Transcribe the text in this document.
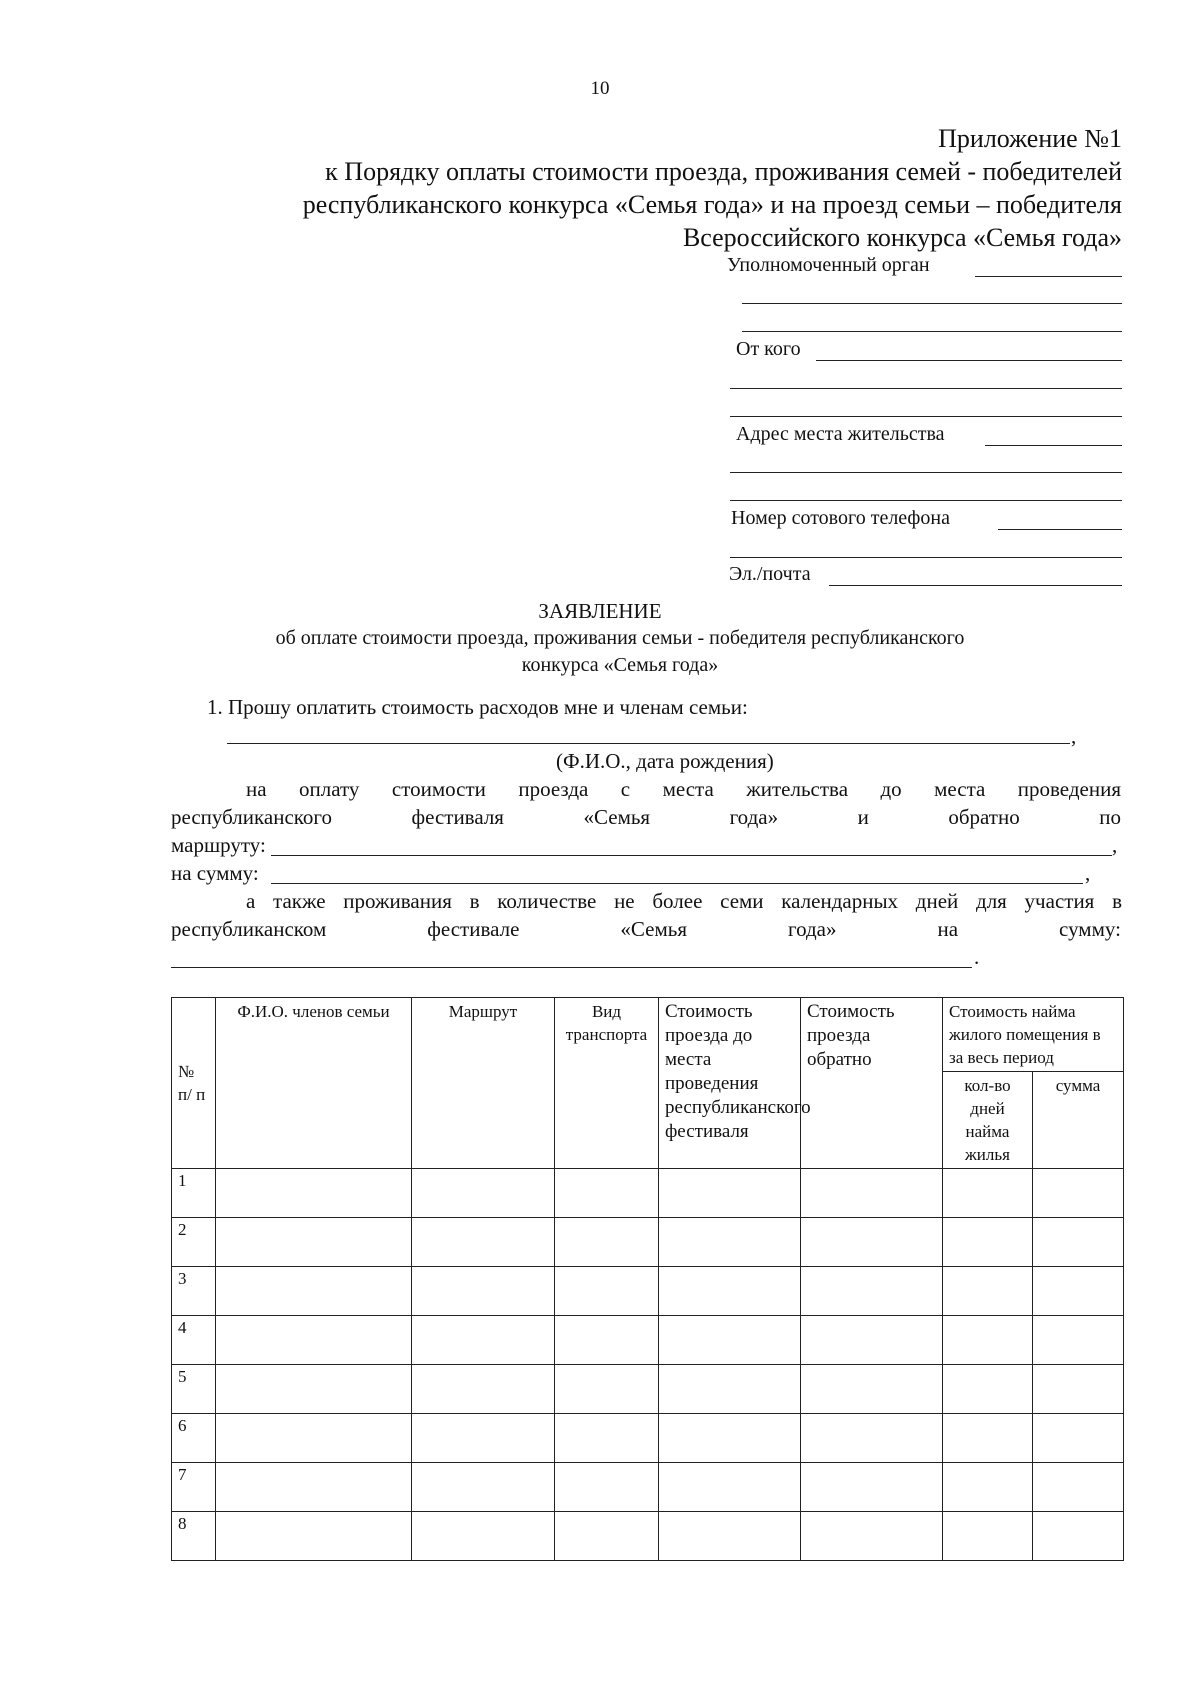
10
Приложение №1
к Порядку оплаты стоимости проезда, проживания семей - победителей
республиканского конкурса «Семья года» и на проезд семьи – победителя
Всероссийского конкурса «Семья года»
Уполномоченный орган
От кого
Адрес места жительства
Номер сотового телефона
Эл./почта
ЗАЯВЛЕНИЕ
об оплате стоимости проезда, проживания семьи - победителя республиканского
конкурса «Семья года»
1. Прошу оплатить стоимость расходов мне и членам семьи:
,
(Ф.И.О., дата рождения)
на оплату стоимости проезда с места жительства до места проведения
республиканского	фестиваля	«Семья	года»	и	обратно	по
маршруту:	,
на сумму:	,
а также проживания в количестве не более семи календарных дней для участия в
республиканском	фестивале	«Семья	года»	на	сумму:
.
№ п/ п	Ф.И.О. членов семьи	Маршрут	Вид транспорта	Стоимость проезда до места проведения республиканского фестиваля	Стоимость проезда обратно	Стоимость найма жилого помещения в за весь период	
						кол-во дней найма жилья	сумма
1							
2							
3							
4							
5							
6							
7							
8							
